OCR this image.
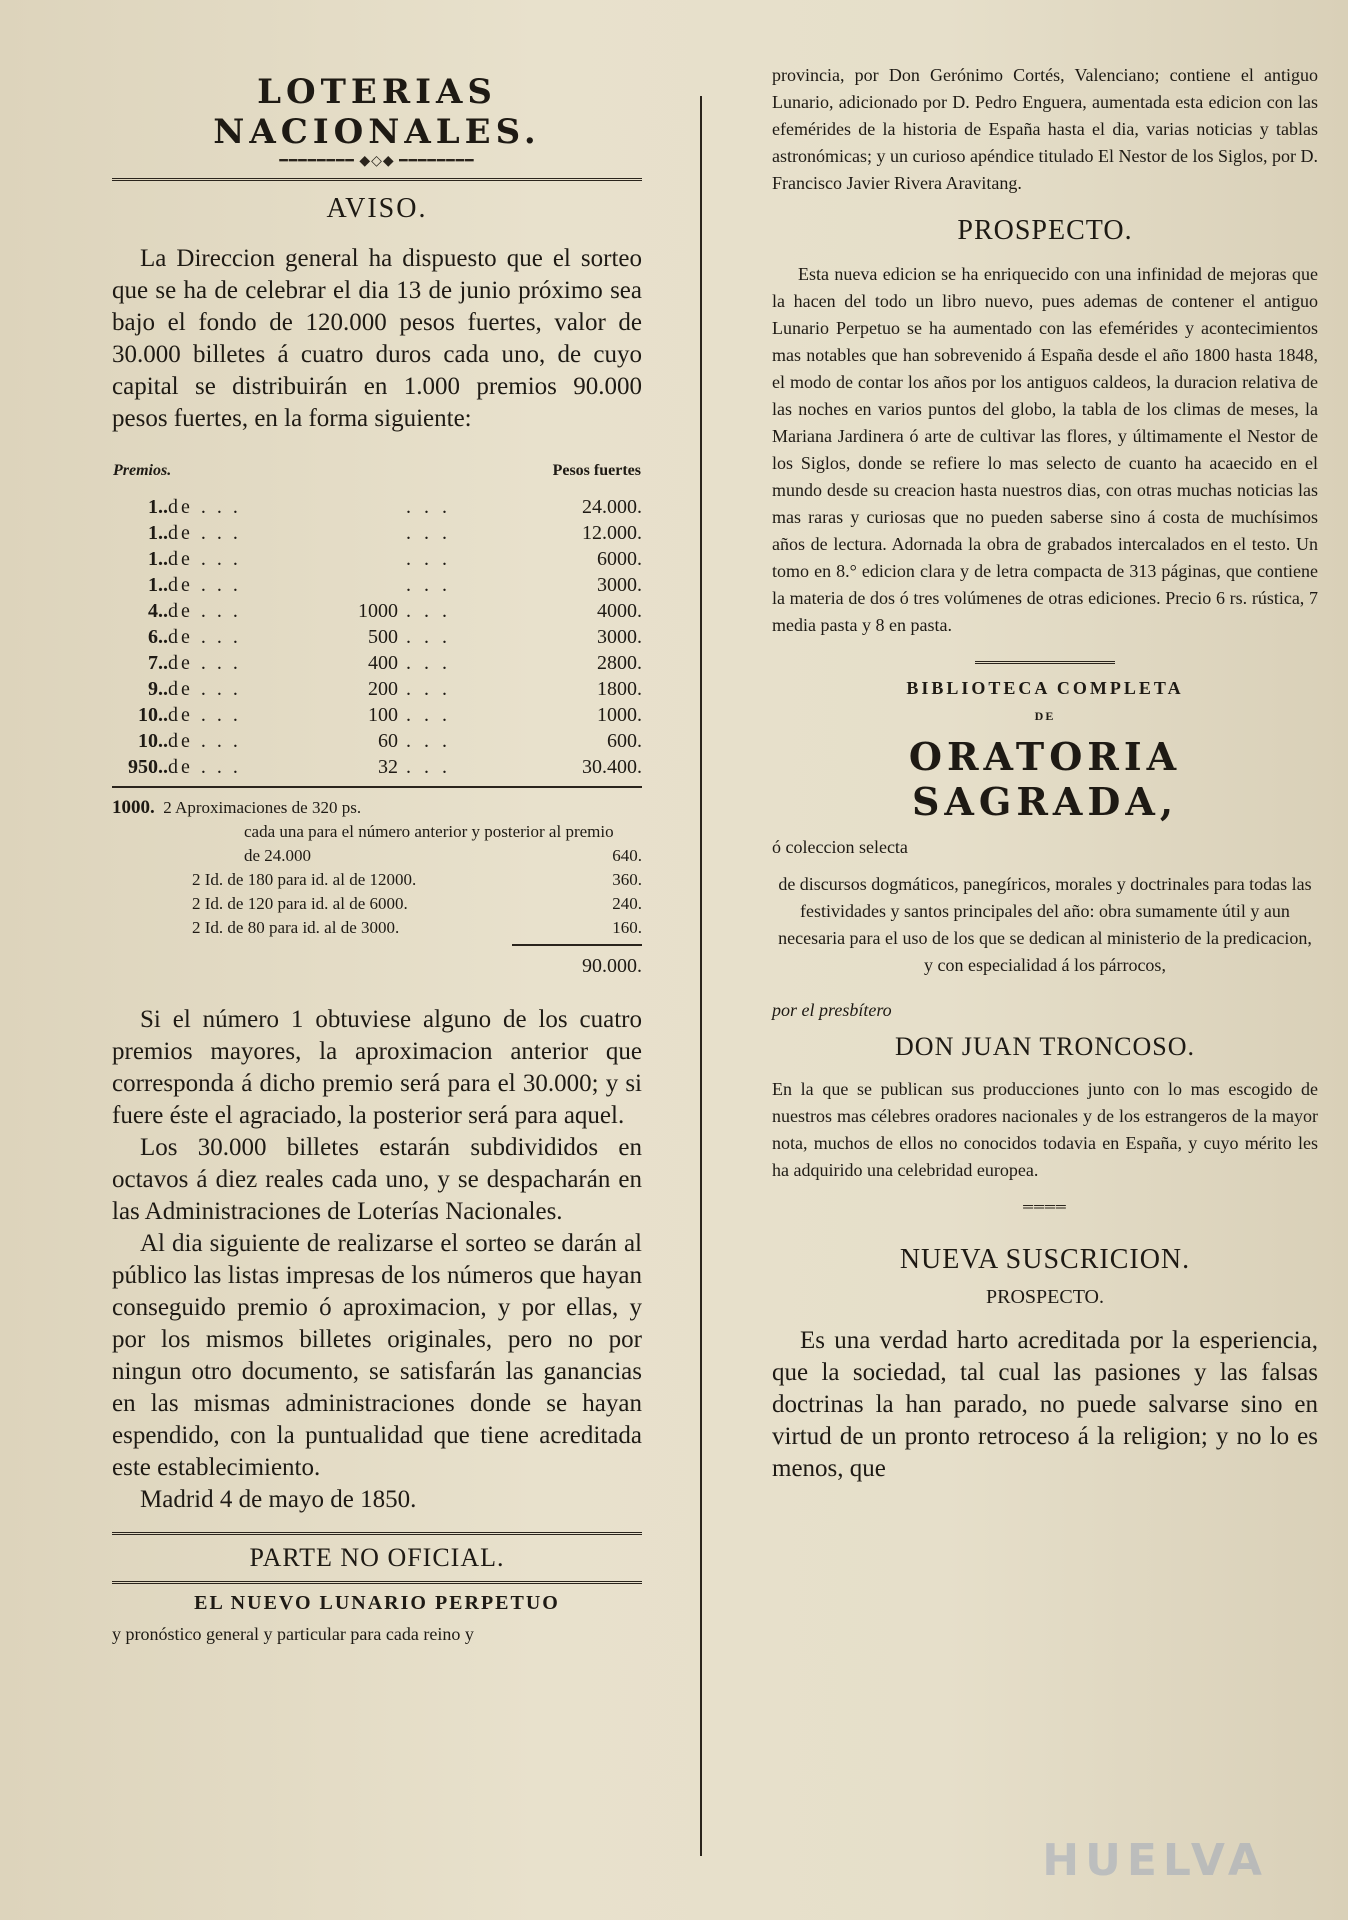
LOTERIAS NACIONALES.
━━━━━━━━ ◆◇◆ ━━━━━━━━
AVISO.

La Direccion general ha dispuesto que el sorteo que se ha de celebrar el dia 13 de junio próximo sea bajo el fondo de 120.000 pesos fuertes, valor de 30.000 billetes á cuatro duros cada uno, de cuyo capital se distribuirán en 1.000 premios 90.000 pesos fuertes, en la forma siguiente:

Premios.			Pesos fuertes	
1..	de . . .		. . .	24.000.
1..	de . . .		. . .	12.000.
1..	de . . .		. . .	6000.
1..	de . . .		. . .	3000.
4..	de . . .	1000	. . .	4000.
6..	de . . .	500	. . .	3000.
7..	de . . .	400	. . .	2800.
9..	de . . .	200	. . .	1800.
10..	de . . .	100	. . .	1000.
10..	de . . .	60	. . .	600.
950..	de . . .	32	. . .	30.400.
1000. 2 Aproximaciones de 320 ps.
cada una para el número anterior y posterior al premio
de 24.000	640.
2 Id. de 180 para id. al de 12000.	360.
2 Id. de 120 para id. al de 6000.	240.
2 Id. de 80 para id. al de 3000.	160.
90.000.

Si el número 1 obtuviese alguno de los cuatro premios mayores, la aproximacion anterior que corresponda á dicho premio será para el 30.000; y si fuere éste el agraciado, la posterior será para aquel.

Los 30.000 billetes estarán subdivididos en octavos á diez reales cada uno, y se despacharán en las Administraciones de Loterías Nacionales.

Al dia siguiente de realizarse el sorteo se darán al público las listas impresas de los números que hayan conseguido premio ó aproximacion, y por ellas, y por los mismos billetes originales, pero no por ningun otro documento, se satisfarán las ganancias en las mismas administraciones donde se hayan espendido, con la puntualidad que tiene acreditada este establecimiento.

Madrid 4 de mayo de 1850.

PARTE NO OFICIAL.
EL NUEVO LUNARIO PERPETUO
y pronóstico general y particular para cada reino y

provincia, por Don Gerónimo Cortés, Valenciano; contiene el antiguo Lunario, adicionado por D. Pedro Enguera, aumentada esta edicion con las efemérides de la historia de España hasta el dia, varias noticias y tablas astronómicas; y un curioso apéndice titulado El Nestor de los Siglos, por D. Francisco Javier Rivera Aravitang.

PROSPECTO.

Esta nueva edicion se ha enriquecido con una infinidad de mejoras que la hacen del todo un libro nuevo, pues ademas de contener el antiguo Lunario Perpetuo se ha aumentado con las efemérides y acontecimientos mas notables que han sobrevenido á España desde el año 1800 hasta 1848, el modo de contar los años por los antiguos caldeos, la duracion relativa de las noches en varios puntos del globo, la tabla de los climas de meses, la Mariana Jardinera ó arte de cultivar las flores, y últimamente el Nestor de los Siglos, donde se refiere lo mas selecto de cuanto ha acaecido en el mundo desde su creacion hasta nuestros dias, con otras muchas noticias las mas raras y curiosas que no pueden saberse sino á costa de muchísimos años de lectura. Adornada la obra de grabados intercalados en el testo. Un tomo en 8.° edicion clara y de letra compacta de 313 páginas, que contiene la materia de dos ó tres volúmenes de otras ediciones. Precio 6 rs. rústica, 7 media pasta y 8 en pasta.

BIBLIOTECA COMPLETA
DE
ORATORIA SAGRADA,
ó coleccion selecta

de discursos dogmáticos, panegíricos, morales y doctrinales para todas las festividades y santos principales del año: obra sumamente útil y aun necesaria para el uso de los que se dedican al ministerio de la predicacion, y con especialidad á los párrocos,

por el presbítero
DON JUAN TRONCOSO.

En la que se publican sus producciones junto con lo mas escogido de nuestros mas célebres oradores nacionales y de los estrangeros de la mayor nota, muchos de ellos no conocidos todavia en España, y cuyo mérito les ha adquirido una celebridad europea.

════
NUEVA SUSCRICION.
PROSPECTO.

Es una verdad harto acreditada por la esperiencia, que la sociedad, tal cual las pasiones y las falsas doctrinas la han parado, no puede salvarse sino en virtud de un pronto retroceso á la religion; y no lo es menos, que

HUELVA
